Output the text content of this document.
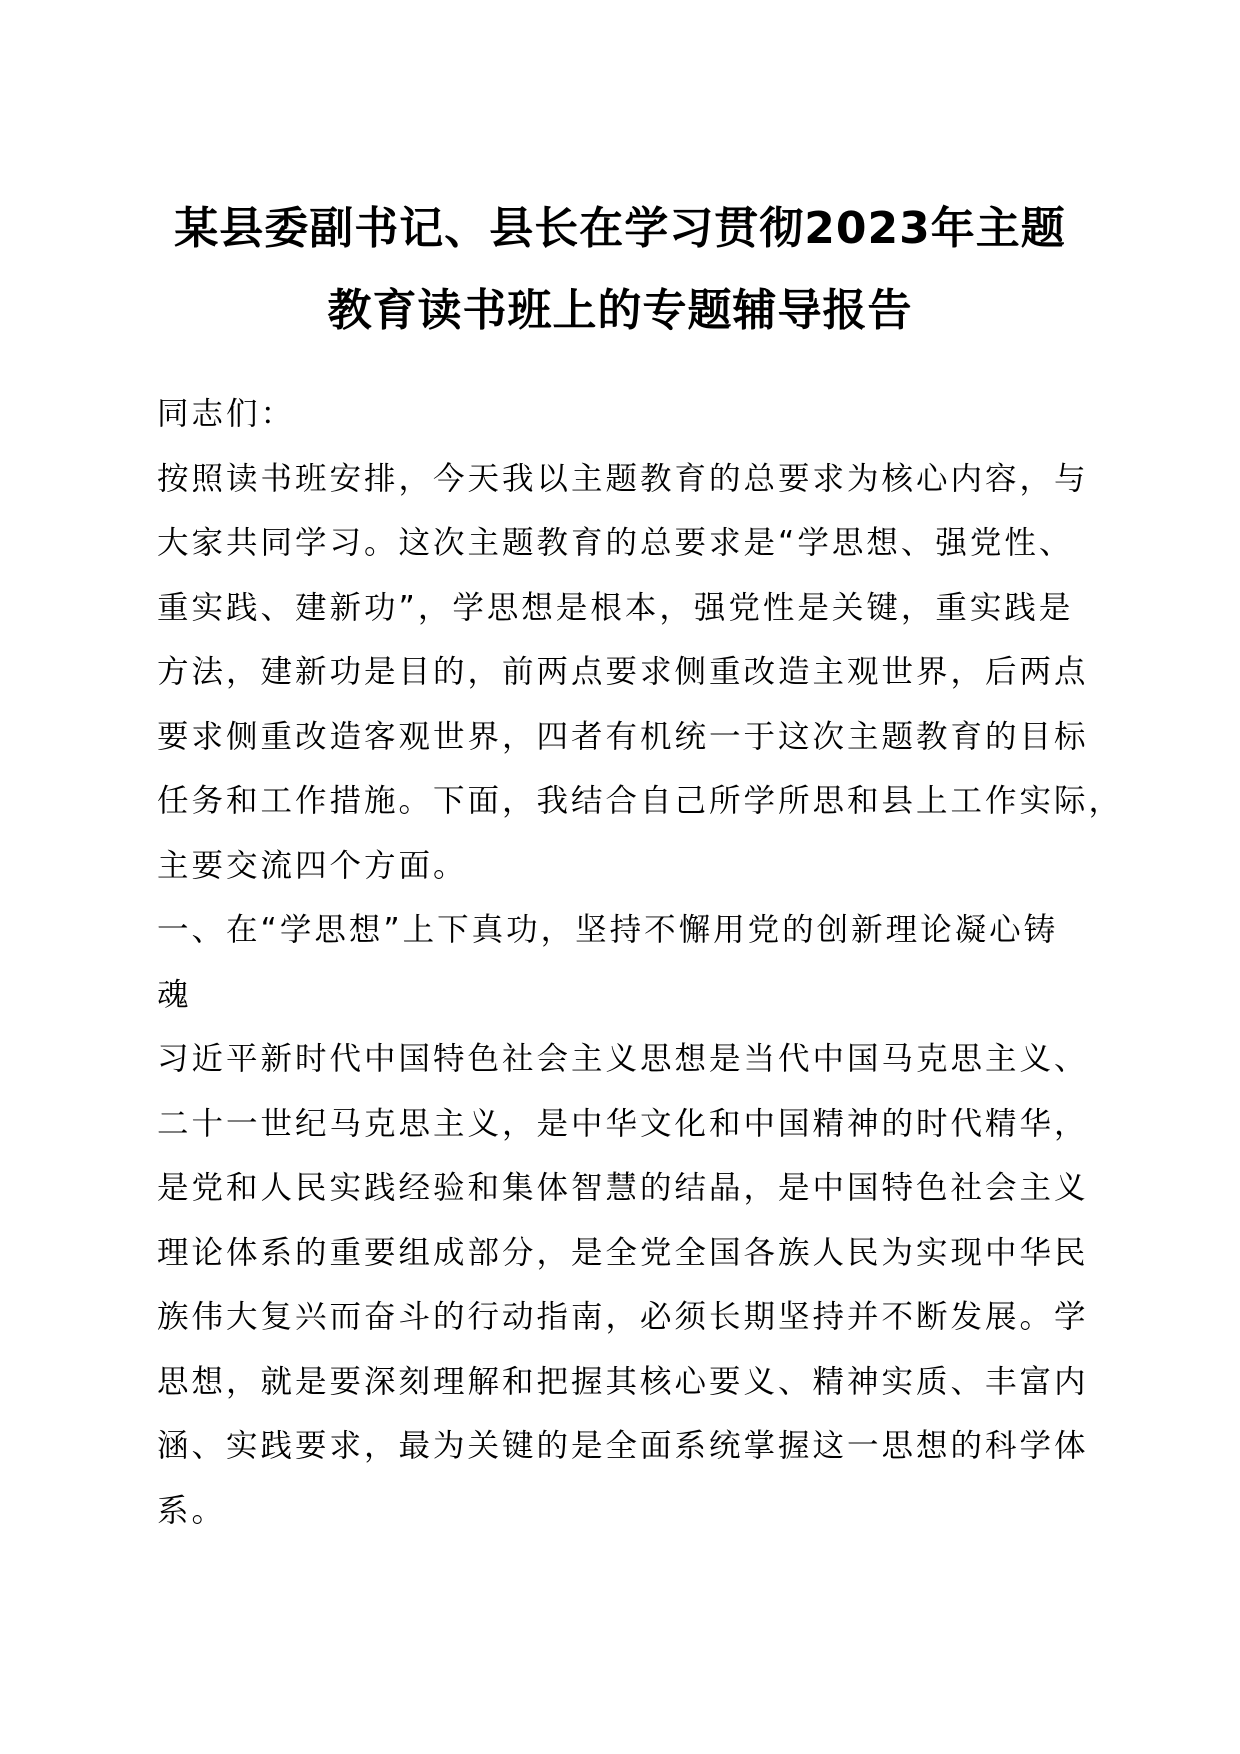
某县委副书记、县长在学习贯彻2023年主题
教育读书班上的专题辅导报告
同志们：
按照读书班安排，今天我以主题教育的总要求为核心内容，与
大家共同学习。这次主题教育的总要求是“学思想、强党性、
重实践、建新功”，学思想是根本，强党性是关键，重实践是
方法，建新功是目的，前两点要求侧重改造主观世界，后两点
要求侧重改造客观世界，四者有机统一于这次主题教育的目标
任务和工作措施。下面，我结合自己所学所思和县上工作实际，
主要交流四个方面。
一、在“学思想”上下真功，坚持不懈用党的创新理论凝心铸
魂
习近平新时代中国特色社会主义思想是当代中国马克思主义、
二十一世纪马克思主义，是中华文化和中国精神的时代精华，
是党和人民实践经验和集体智慧的结晶，是中国特色社会主义
理论体系的重要组成部分，是全党全国各族人民为实现中华民
族伟大复兴而奋斗的行动指南，必须长期坚持并不断发展。学
思想，就是要深刻理解和把握其核心要义、精神实质、丰富内
涵、实践要求，最为关键的是全面系统掌握这一思想的科学体
系。
